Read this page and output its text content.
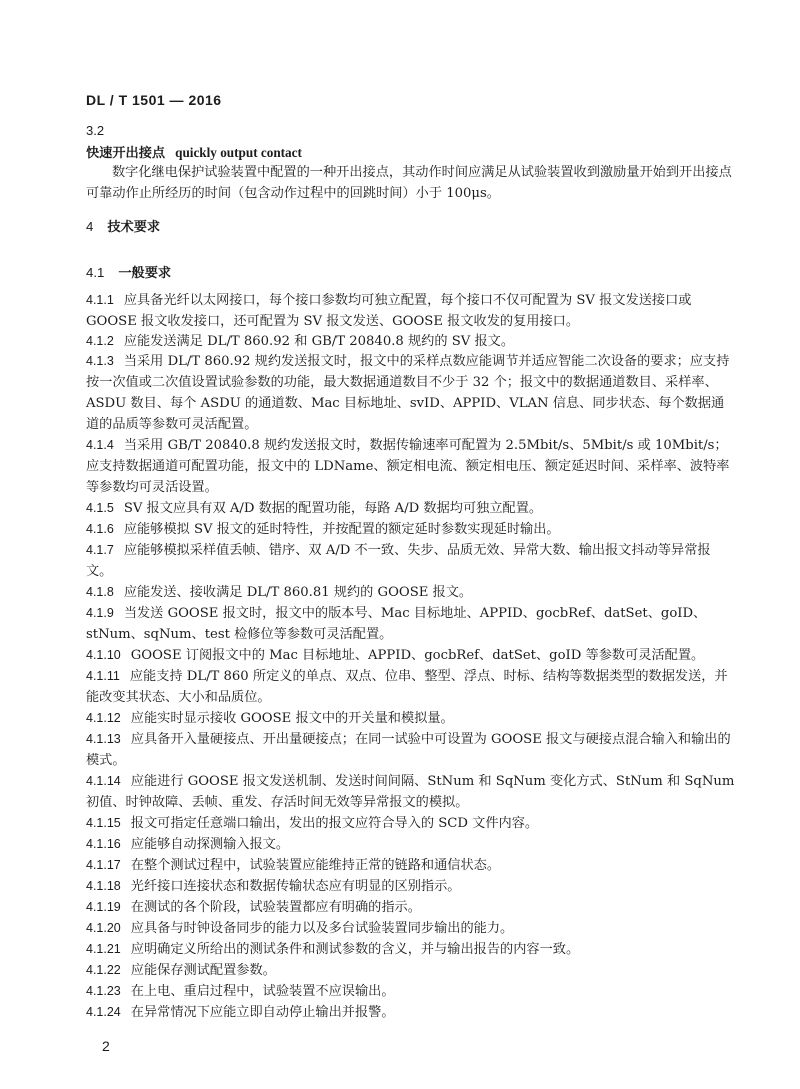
DL / T 1501 — 2016
3.2
快速开出接点 quickly output contact
数字化继电保护试验装置中配置的一种开出接点，其动作时间应满足从试验装置收到激励量开始到开出接点可靠动作止所经历的时间（包含动作过程中的回跳时间）小于 100μs。
4 技术要求
4.1 一般要求
4.1.1 应具备光纤以太网接口，每个接口参数均可独立配置，每个接口不仅可配置为 SV 报文发送接口或 GOOSE 报文收发接口，还可配置为 SV 报文发送、GOOSE 报文收发的复用接口。
4.1.2 应能发送满足 DL/T 860.92 和 GB/T 20840.8 规约的 SV 报文。
4.1.3 当采用 DL/T 860.92 规约发送报文时，报文中的采样点数应能调节并适应智能二次设备的要求；应支持按一次值或二次值设置试验参数的功能，最大数据通道数目不少于 32 个；报文中的数据通道数目、采样率、ASDU 数目、每个 ASDU 的通道数、Mac 目标地址、svID、APPID、VLAN 信息、同步状态、每个数据通道的品质等参数可灵活配置。
4.1.4 当采用 GB/T 20840.8 规约发送报文时，数据传输速率可配置为 2.5Mbit/s、5Mbit/s 或 10Mbit/s；应支持数据通道可配置功能，报文中的 LDName、额定相电流、额定相电压、额定延迟时间、采样率、波特率等参数均可灵活设置。
4.1.5 SV 报文应具有双 A/D 数据的配置功能，每路 A/D 数据均可独立配置。
4.1.6 应能够模拟 SV 报文的延时特性，并按配置的额定延时参数实现延时输出。
4.1.7 应能够模拟采样值丢帧、错序、双 A/D 不一致、失步、品质无效、异常大数、输出报文抖动等异常报文。
4.1.8 应能发送、接收满足 DL/T 860.81 规约的 GOOSE 报文。
4.1.9 当发送 GOOSE 报文时，报文中的版本号、Mac 目标地址、APPID、gocbRef、datSet、goID、stNum、sqNum、test 检修位等参数可灵活配置。
4.1.10 GOOSE 订阅报文中的 Mac 目标地址、APPID、gocbRef、datSet、goID 等参数可灵活配置。
4.1.11 应能支持 DL/T 860 所定义的单点、双点、位串、整型、浮点、时标、结构等数据类型的数据发送，并能改变其状态、大小和品质位。
4.1.12 应能实时显示接收 GOOSE 报文中的开关量和模拟量。
4.1.13 应具备开入量硬接点、开出量硬接点；在同一试验中可设置为 GOOSE 报文与硬接点混合输入和输出的模式。
4.1.14 应能进行 GOOSE 报文发送机制、发送时间间隔、StNum 和 SqNum 变化方式、StNum 和 SqNum 初值、时钟故障、丢帧、重发、存活时间无效等异常报文的模拟。
4.1.15 报文可指定任意端口输出，发出的报文应符合导入的 SCD 文件内容。
4.1.16 应能够自动探测输入报文。
4.1.17 在整个测试过程中，试验装置应能维持正常的链路和通信状态。
4.1.18 光纤接口连接状态和数据传输状态应有明显的区别指示。
4.1.19 在测试的各个阶段，试验装置都应有明确的指示。
4.1.20 应具备与时钟设备同步的能力以及多台试验装置同步输出的能力。
4.1.21 应明确定义所给出的测试条件和测试参数的含义，并与输出报告的内容一致。
4.1.22 应能保存测试配置参数。
4.1.23 在上电、重启过程中，试验装置不应误输出。
4.1.24 在异常情况下应能立即自动停止输出并报警。
2
